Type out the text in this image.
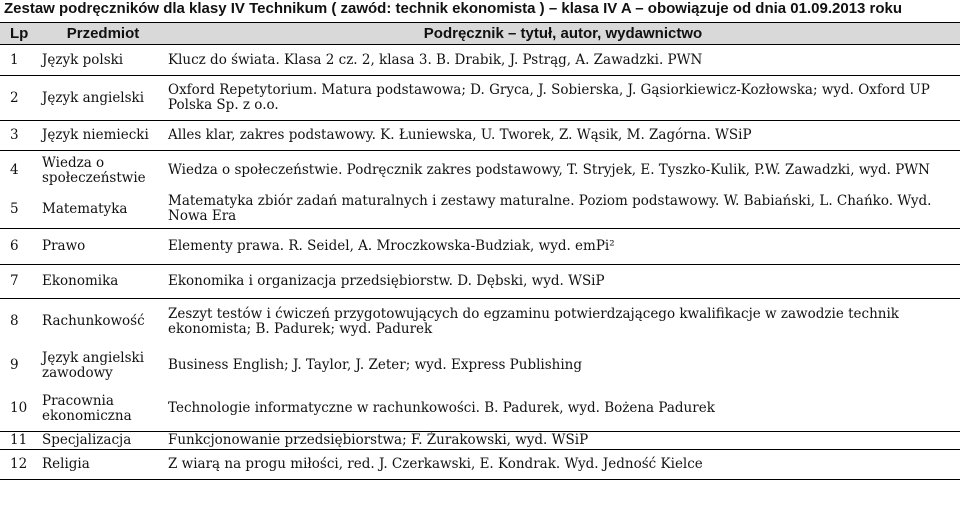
Zestaw podręczników dla klasy IV Technikum ( zawód: technik ekonomista ) – klasa IV A – obowiązuje od dnia 01.09.2013 roku
Lp	Przedmiot	Podręcznik – tytuł, autor, wydawnictwo
1	Język polski	Klucz do świata. Klasa 2 cz. 2, klasa 3. B. Drabik, J. Pstrąg, A. Zawadzki. PWN
2	Język angielski	Oxford Repetytorium. Matura podstawowa; D. Gryca, J. Sobierska, J. Gąsiorkiewicz-Kozłowska; wyd. Oxford UP Polska Sp. z o.o.
3	Język niemiecki	Alles klar, zakres podstawowy. K. Łuniewska, U. Tworek, Z. Wąsik, M. Zagórna. WSiP
4	Wiedza o społeczeństwie	Wiedza o społeczeństwie. Podręcznik zakres podstawowy, T. Stryjek, E. Tyszko-Kulik, P.W. Zawadzki, wyd. PWN
5	Matematyka	Matematyka zbiór zadań maturalnych i zestawy maturalne. Poziom podstawowy. W. Babiański, L. Chańko. Wyd. Nowa Era
6	Prawo	Elementy prawa. R. Seidel, A. Mroczkowska-Budziak, wyd. emPi²
7	Ekonomika	Ekonomika i organizacja przedsiębiorstw. D. Dębski, wyd. WSiP
8	Rachunkowość	Zeszyt testów i ćwiczeń przygotowujących do egzaminu potwierdzającego kwalifikacje w zawodzie technik ekonomista; B. Padurek; wyd. Padurek
9	Język angielski zawodowy	Business English; J. Taylor, J. Zeter; wyd. Express Publishing
10	Pracownia ekonomiczna	Technologie informatyczne w rachunkowości. B. Padurek, wyd. Bożena Padurek
11	Specjalizacja	Funkcjonowanie przedsiębiorstwa; F. Żurakowski, wyd. WSiP
12	Religia	Z wiarą na progu miłości, red. J. Czerkawski, E. Kondrak. Wyd. Jedność Kielce
